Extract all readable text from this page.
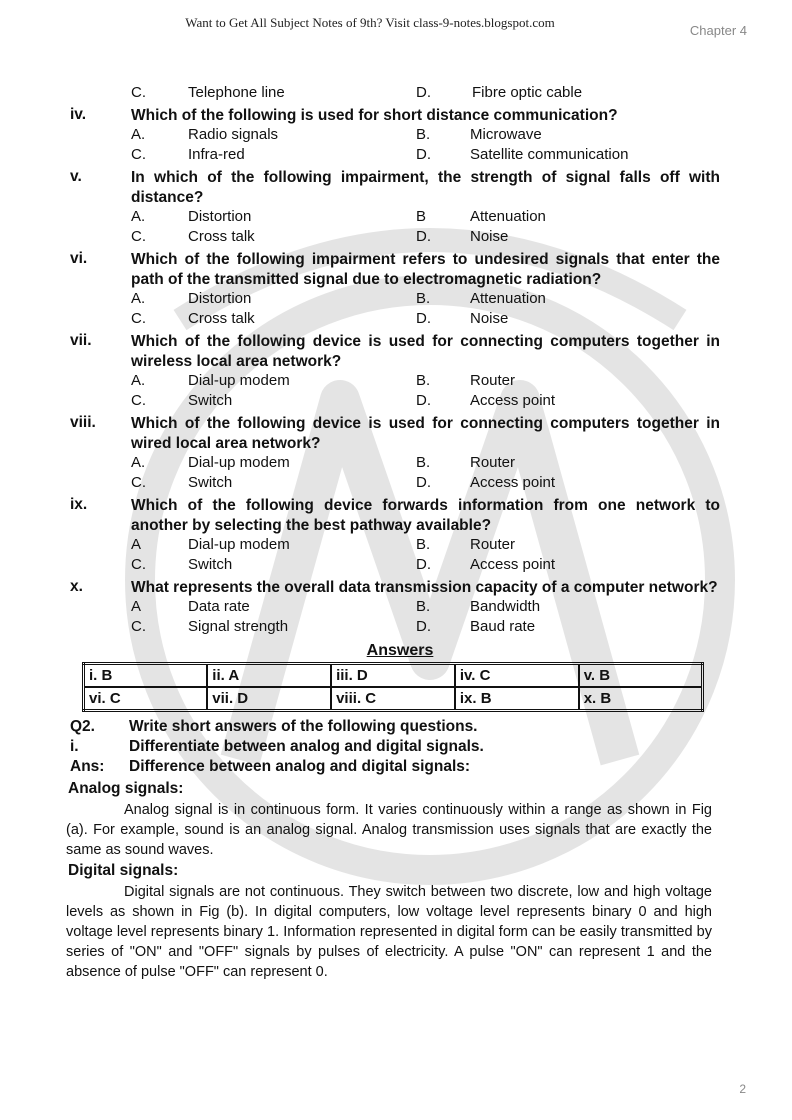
Want to Get All Subject Notes of 9th? Visit class-9-notes.blogspot.com
Chapter 4
C.	Telephone line	D.	Fibre optic cable
iv.	Which of the following is used for short distance communication?
A.	Radio signals	B.	Microwave
C.	Infra-red	D.	Satellite communication
v.	In which of the following impairment, the strength of signal falls off with distance?
A.	Distortion	B	Attenuation
C.	Cross talk	D.	Noise
vi.	Which of the following impairment refers to undesired signals that enter the path of the transmitted signal due to electromagnetic radiation?
A.	Distortion	B.	Attenuation
C.	Cross talk	D.	Noise
vii.	Which of the following device is used for connecting computers together in wireless local area network?
A.	Dial-up modem	B.	Router
C.	Switch	D.	Access point
viii. Which of the following device is used for connecting computers together in wired local area network?
A.	Dial-up modem	B.	Router
C.	Switch	D.	Access point
ix.	Which of the following device forwards information from one network to another by selecting the best pathway available?
A	Dial-up modem	B.	Router
C.	Switch	D.	Access point
x.	What represents the overall data transmission capacity of a computer network?
A	Data rate	B.	Bandwidth
C.	Signal strength	D.	Baud rate
Answers
i. B	ii. A	iii. D	iv. C	v. B
vi. C	vii. D	viii. C	ix. B	x. B
Q2. Write short answers of the following questions.
i.	Differentiate between analog and digital signals.
Ans: Difference between analog and digital signals:
Analog signals:

Analog signal is in continuous form. It varies continuously within a range as shown in Fig (a). For example, sound is an analog signal. Analog transmission uses signals that are exactly the same as sound waves.

Digital signals:

Digital signals are not continuous. They switch between two discrete, low and high voltage levels as shown in Fig (b). In digital computers, low voltage level represents binary 0 and high voltage level represents binary 1. Information represented in digital form can be easily transmitted by series of "ON" and "OFF" signals by pulses of electricity. A pulse "ON" can represent 1 and the absence of pulse "OFF" can represent 0.

2
